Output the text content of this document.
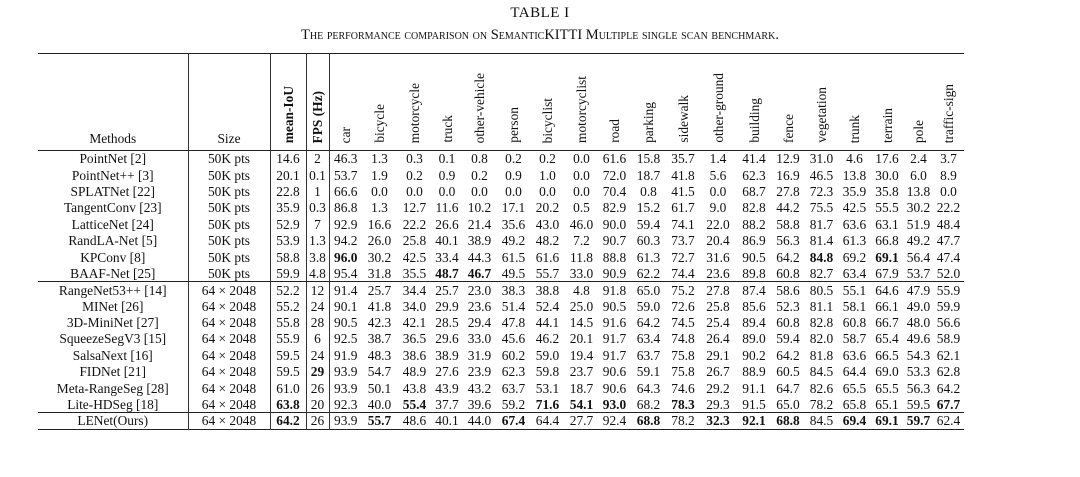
TABLE I
The performance comparison on SemanticKITTI Multiple single scan benchmark.
Methods	Size	mean-IoU	FPS (Hz)	car	bicycle	motorcycle	truck	other-vehicle	person	bicyclist	motorcyclist	road	parking	sidewalk	other-ground	building	fence	vegetation	trunk	terrain	pole	traffic-sign
PointNet [2]	50K pts	14.6	2	46.3	1.3	0.3	0.1	0.8	0.2	0.2	0.0	61.6	15.8	35.7	1.4	41.4	12.9	31.0	4.6	17.6	2.4	3.7
PointNet++ [3]	50K pts	20.1	0.1	53.7	1.9	0.2	0.9	0.2	0.9	1.0	0.0	72.0	18.7	41.8	5.6	62.3	16.9	46.5	13.8	30.0	6.0	8.9
SPLATNet [22]	50K pts	22.8	1	66.6	0.0	0.0	0.0	0.0	0.0	0.0	0.0	70.4	0.8	41.5	0.0	68.7	27.8	72.3	35.9	35.8	13.8	0.0
TangentConv [23]	50K pts	35.9	0.3	86.8	1.3	12.7	11.6	10.2	17.1	20.2	0.5	82.9	15.2	61.7	9.0	82.8	44.2	75.5	42.5	55.5	30.2	22.2
LatticeNet [24]	50K pts	52.9	7	92.9	16.6	22.2	26.6	21.4	35.6	43.0	46.0	90.0	59.4	74.1	22.0	88.2	58.8	81.7	63.6	63.1	51.9	48.4
RandLA-Net [5]	50K pts	53.9	1.3	94.2	26.0	25.8	40.1	38.9	49.2	48.2	7.2	90.7	60.3	73.7	20.4	86.9	56.3	81.4	61.3	66.8	49.2	47.7
KPConv [8]	50K pts	58.8	3.8	96.0	30.2	42.5	33.4	44.3	61.5	61.6	11.8	88.8	61.3	72.7	31.6	90.5	64.2	84.8	69.2	69.1	56.4	47.4
BAAF-Net [25]	50K pts	59.9	4.8	95.4	31.8	35.5	48.7	46.7	49.5	55.7	33.0	90.9	62.2	74.4	23.6	89.8	60.8	82.7	63.4	67.9	53.7	52.0
RangeNet53++ [14]	64 × 2048	52.2	12	91.4	25.7	34.4	25.7	23.0	38.3	38.8	4.8	91.8	65.0	75.2	27.8	87.4	58.6	80.5	55.1	64.6	47.9	55.9
MINet [26]	64 × 2048	55.2	24	90.1	41.8	34.0	29.9	23.6	51.4	52.4	25.0	90.5	59.0	72.6	25.8	85.6	52.3	81.1	58.1	66.1	49.0	59.9
3D-MiniNet [27]	64 × 2048	55.8	28	90.5	42.3	42.1	28.5	29.4	47.8	44.1	14.5	91.6	64.2	74.5	25.4	89.4	60.8	82.8	60.8	66.7	48.0	56.6
SqueezeSegV3 [15]	64 × 2048	55.9	6	92.5	38.7	36.5	29.6	33.0	45.6	46.2	20.1	91.7	63.4	74.8	26.4	89.0	59.4	82.0	58.7	65.4	49.6	58.9
SalsaNext [16]	64 × 2048	59.5	24	91.9	48.3	38.6	38.9	31.9	60.2	59.0	19.4	91.7	63.7	75.8	29.1	90.2	64.2	81.8	63.6	66.5	54.3	62.1
FIDNet [21]	64 × 2048	59.5	29	93.9	54.7	48.9	27.6	23.9	62.3	59.8	23.7	90.6	59.1	75.8	26.7	88.9	60.5	84.5	64.4	69.0	53.3	62.8
Meta-RangeSeg [28]	64 × 2048	61.0	26	93.9	50.1	43.8	43.9	43.2	63.7	53.1	18.7	90.6	64.3	74.6	29.2	91.1	64.7	82.6	65.5	65.5	56.3	64.2
Lite-HDSeg [18]	64 × 2048	63.8	20	92.3	40.0	55.4	37.7	39.6	59.2	71.6	54.1	93.0	68.2	78.3	29.3	91.5	65.0	78.2	65.8	65.1	59.5	67.7
LENet(Ours)	64 × 2048	64.2	26	93.9	55.7	48.6	40.1	44.0	67.4	64.4	27.7	92.4	68.8	78.2	32.3	92.1	68.8	84.5	69.4	69.1	59.7	62.4
